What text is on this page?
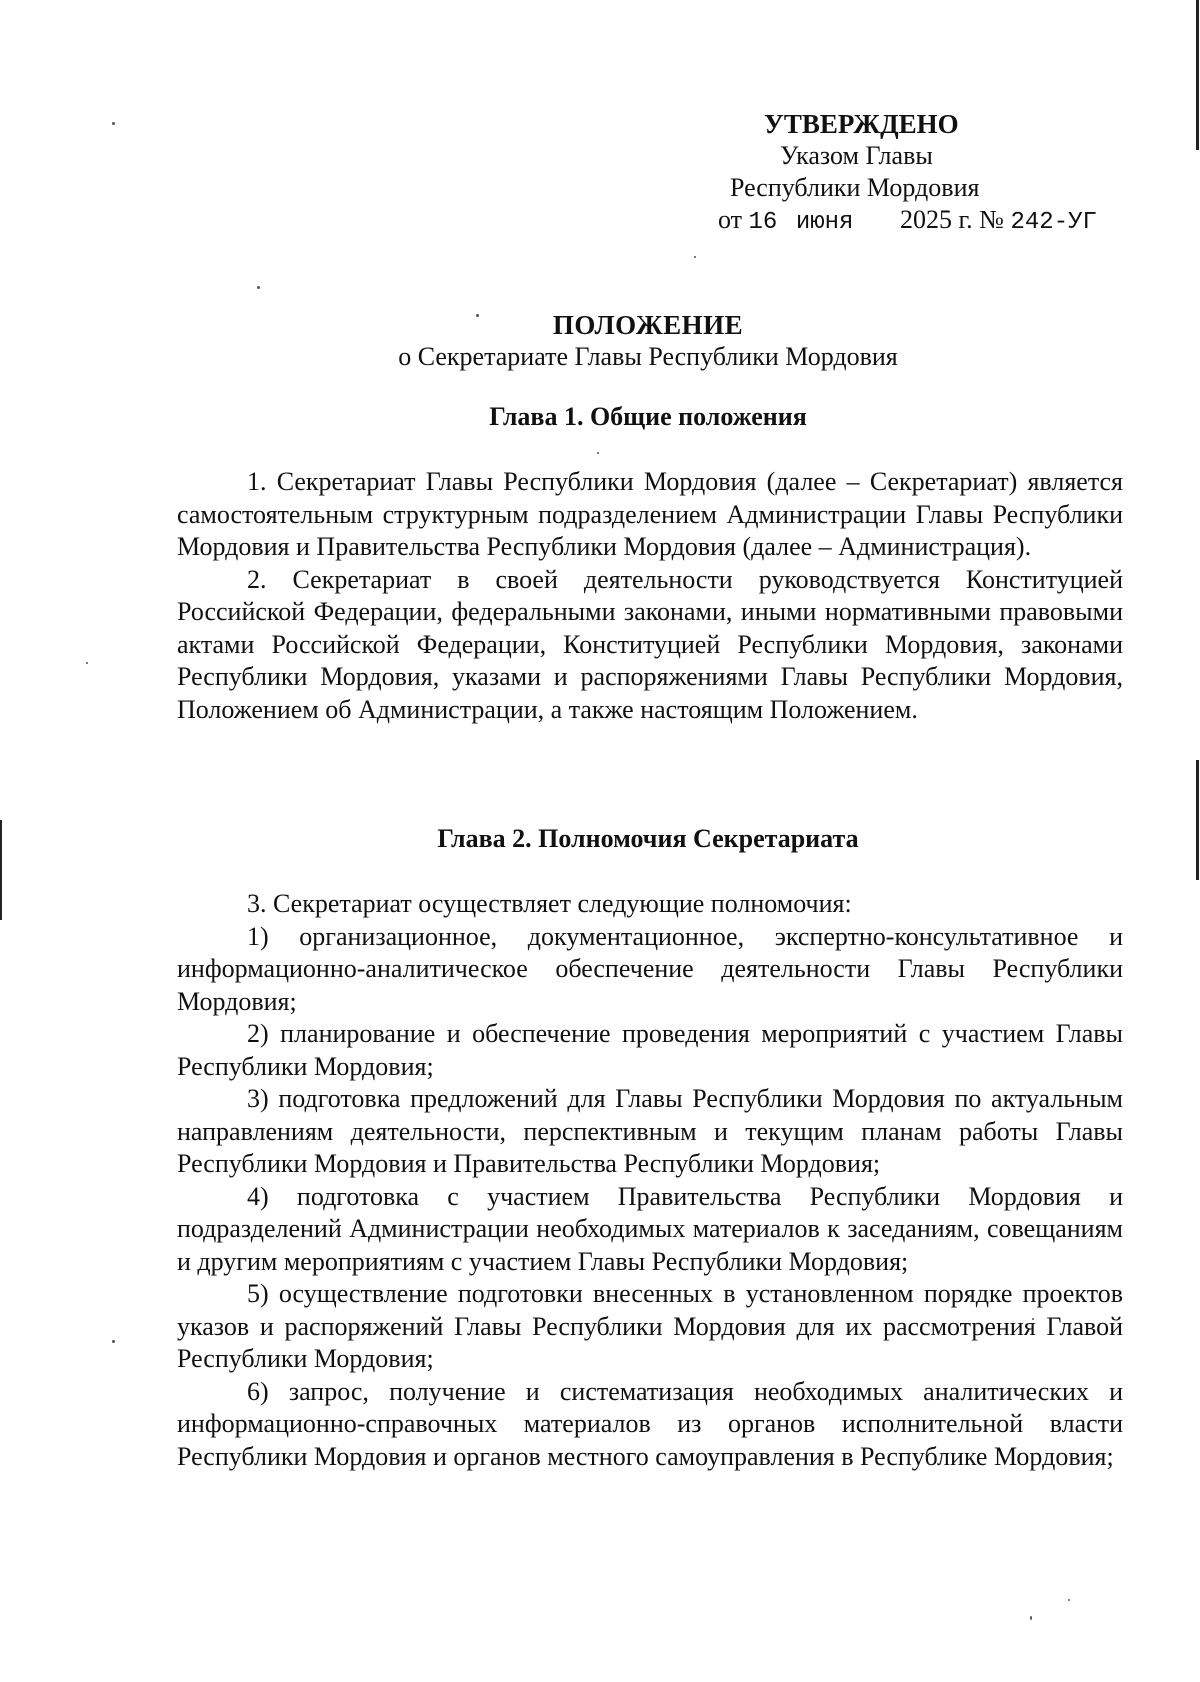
УТВЕРЖДЕНО
Указом Главы
Республики Мордовия
от 16 июня 2025 г. № 242-УГ
ПОЛОЖЕНИЕ
о Секретариате Главы Республики Мордовия
Глава 1. Общие положения

1. Секретариат Главы Республики Мордовия (далее – Секретариат) является самостоятельным структурным подразделением Администрации Главы Республики Мордовия и Правительства Республики Мордовия (далее – Администрация).

2. Секретариат в своей деятельности руководствуется Конституцией Российской Федерации, федеральными законами, иными нормативными правовыми актами Российской Федерации, Конституцией Республики Мордовия, законами Республики Мордовия, указами и распоряжениями Главы Республики Мордовия, Положением об Администрации, а также настоящим Положением.

Глава 2. Полномочия Секретариата

3. Секретариат осуществляет следующие полномочия:

1) организационное, документационное, экспертно-консультативное и информационно-аналитическое обеспечение деятельности Главы Республики Мордовия;

2) планирование и обеспечение проведения мероприятий с участием Главы Республики Мордовия;

3) подготовка предложений для Главы Республики Мордовия по актуальным направлениям деятельности, перспективным и текущим планам работы Главы Республики Мордовия и Правительства Республики Мордовия;

4) подготовка с участием Правительства Республики Мордовия и подразделений Администрации необходимых материалов к заседаниям, совещаниям и другим мероприятиям с участием Главы Республики Мордовия;

5) осуществление подготовки внесенных в установленном порядке проектов указов и распоряжений Главы Республики Мордовия для их рассмотрения Главой Республики Мордовия;

6) запрос, получение и систематизация необходимых аналитических и информационно-справочных материалов из органов исполнительной власти Республики Мордовия и органов местного самоуправления в Республике Мордовия;
